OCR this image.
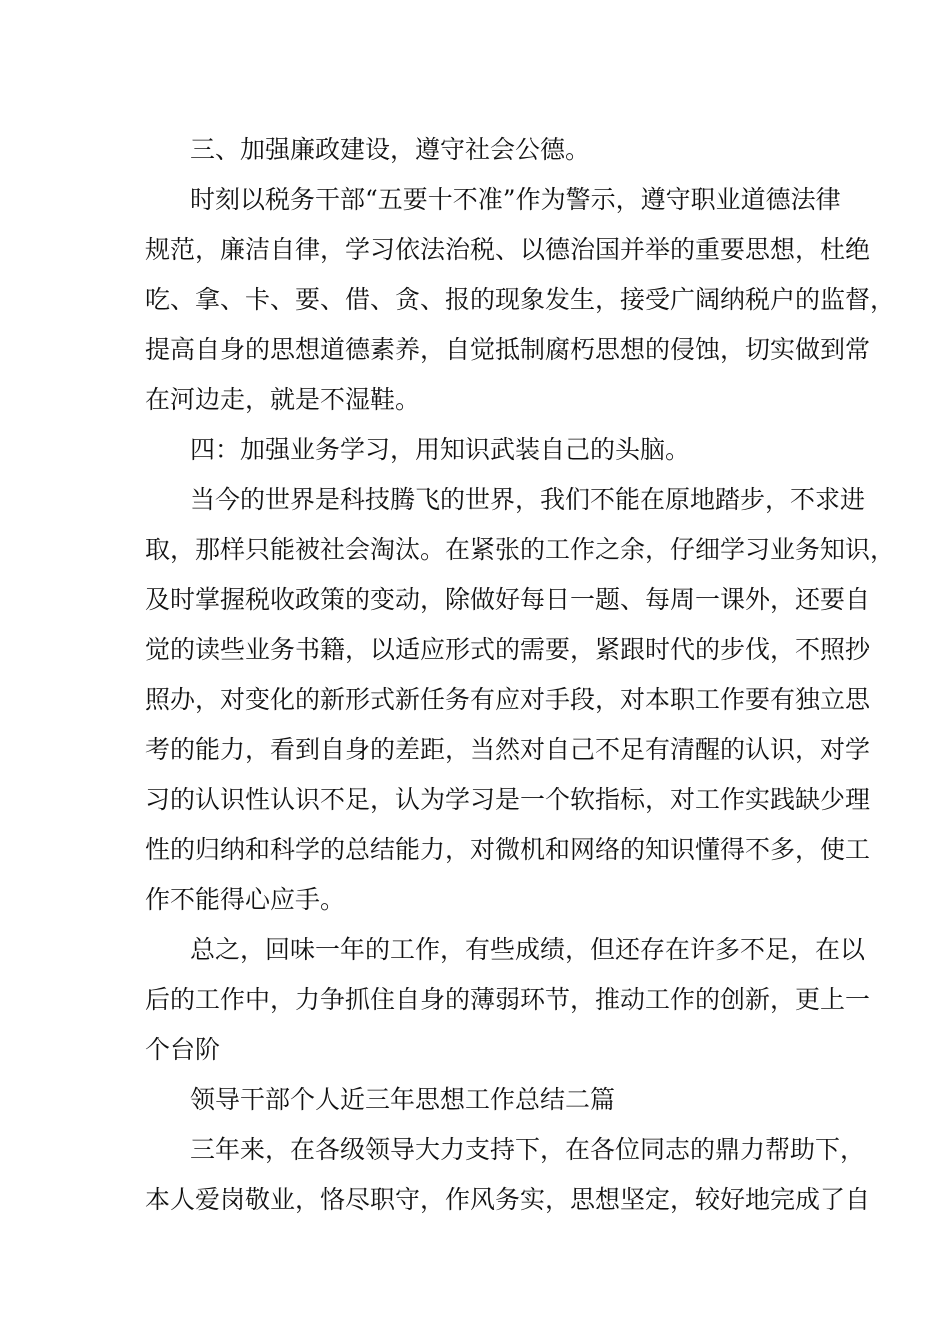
三、加强廉政建设，遵守社会公德。
时刻以税务干部“五要十不准”作为警示，遵守职业道德法律
规范，廉洁自律，学习依法治税、以德治国并举的重要思想，杜绝
吃、拿、卡、要、借、贪、报的现象发生，接受广阔纳税户的监督，
提高自身的思想道德素养，自觉抵制腐朽思想的侵蚀，切实做到常
在河边走，就是不湿鞋。
四：加强业务学习，用知识武装自己的头脑。
当今的世界是科技腾飞的世界，我们不能在原地踏步，不求进
取，那样只能被社会淘汰。在紧张的工作之余，仔细学习业务知识，
及时掌握税收政策的变动，除做好每日一题、每周一课外，还要自
觉的读些业务书籍，以适应形式的需要，紧跟时代的步伐，不照抄
照办，对变化的新形式新任务有应对手段，对本职工作要有独立思
考的能力，看到自身的差距，当然对自己不足有清醒的认识，对学
习的认识性认识不足，认为学习是一个软指标，对工作实践缺少理
性的归纳和科学的总结能力，对微机和网络的知识懂得不多，使工
作不能得心应手。
总之，回味一年的工作，有些成绩，但还存在许多不足，在以
后的工作中，力争抓住自身的薄弱环节，推动工作的创新，更上一
个台阶
领导干部个人近三年思想工作总结二篇
三年来，在各级领导大力支持下，在各位同志的鼎力帮助下，
本人爱岗敬业，恪尽职守，作风务实，思想坚定，较好地完成了自
